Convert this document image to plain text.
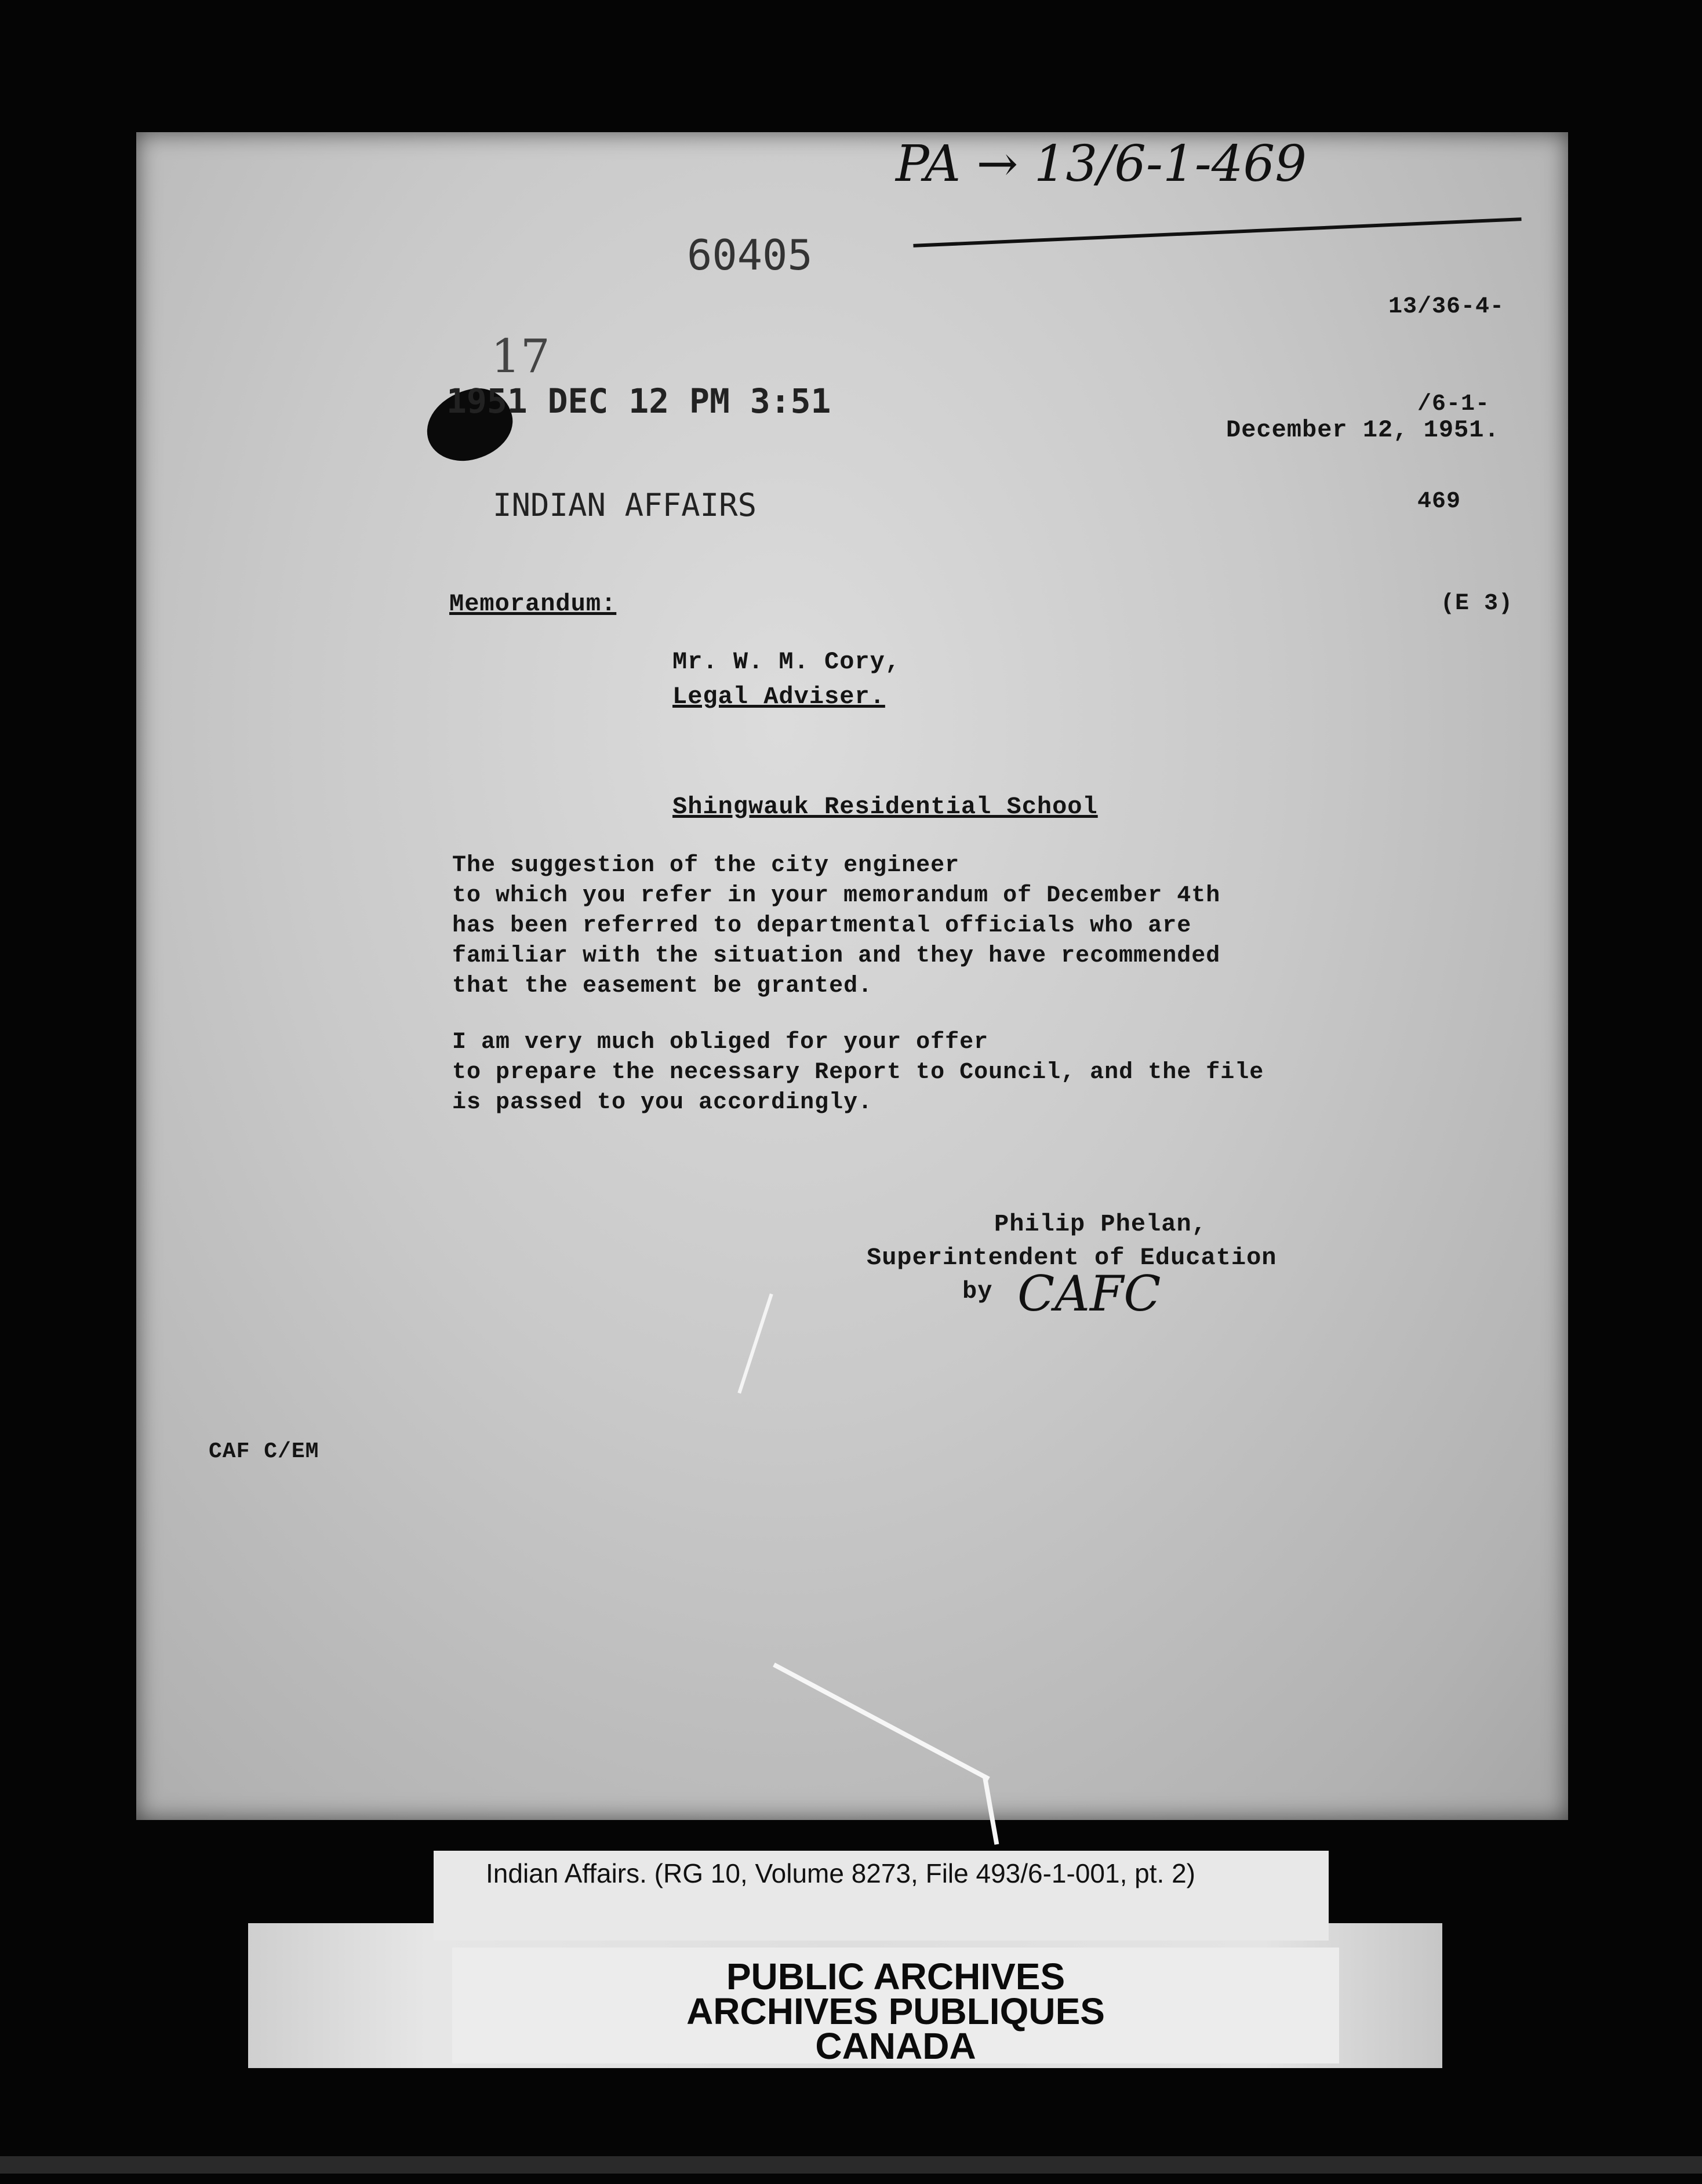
PA → 13/6-1-469
60405

13/36-4-

/6-1-

469

(E 3)

17
1951 DEC 12 PM 3:51
INDIAN AFFAIRS
December 12, 1951.
Memorandum:
Mr. W. M. Cory,
Legal Adviser.
Shingwauk Residential School
The suggestion of the city engineer
to which you refer in your memorandum of December 4th
has been referred to departmental officials who are
familiar with the situation and they have recommended
that the easement be granted.
I am very much obliged for your offer
to prepare the necessary Report to Council, and the file
is passed to you accordingly.
Philip Phelan,
Superintendent of Education
by CAFC
CAF C/EM
Indian Affairs. (RG 10, Volume 8273, File 493/6-1-001, pt. 2)
PUBLIC ARCHIVES
ARCHIVES PUBLIQUES
CANADA
